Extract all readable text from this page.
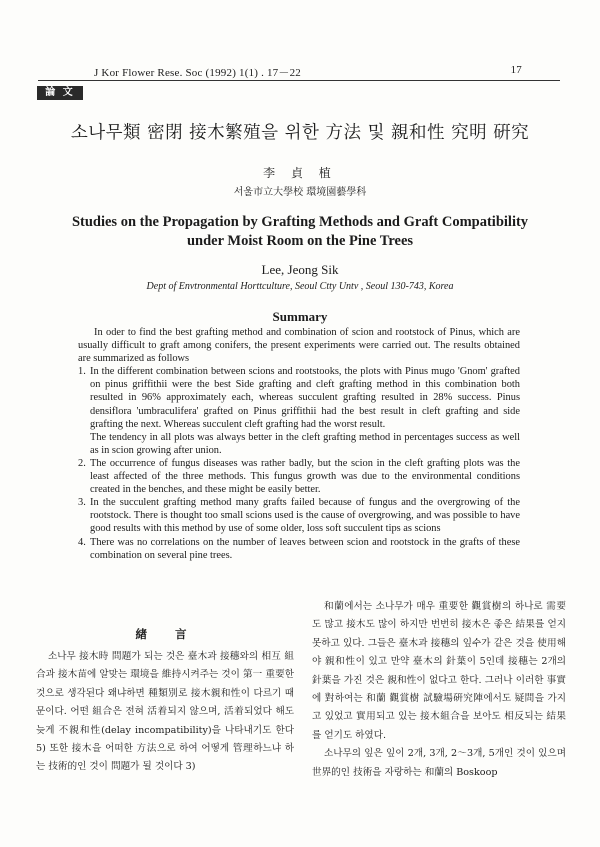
J Kor Flower Rese. Soc (1992) 1(1) . 17－22	17
論 文
소나무類 密閉 接木繁殖을 위한 方法 및 親和性 究明 硏究
李 貞 植
서울市立大學校 環境園藝學科
Studies on the Propagation by Grafting Methods and Graft Compatibility
under Moist Room on the Pine Trees
Lee, Jeong Sik
Dept of Envtronmental Horttculture, Seoul Ctty Untv , Seoul 130-743, Korea
Summary

In oder to find the best grafting method and combination of scion and rootstock of Pinus, which are usually difficult to graft among conifers, the present experiments were carried out. The results obtained are summarized as follows

1. In the different combination between scions and rootstooks, the plots with Pinus mugo 'Gnom' grafted on pinus griffithii were the best Side grafting and cleft grafting method in this combination both resulted in 96% approximately each, whereas succulent grafting resulted in 28% success. Pinus densiflora 'umbraculifera' grafted on Pinus griffithii had the best result in cleft grafting and side grafting the next. Whereas succulent cleft grafting had the worst result.

The tendency in all plots was always better in the cleft grafting method in percentages success as well as in scion growing after union.

2. The occurrence of fungus diseases was rather badly, but the scion in the cleft grafting plots was the least affected of the three methods. This fungus growth was due to the environmental conditions created in the benches, and these might be easily better.

3. In the succulent grafting method many grafts failed because of fungus and the overgrowing of the rootstock. There is thought too small scions used is the cause of overgrowing, and was possible to have good results with this method by use of some older, loss soft succulent tips as scions

4. There was no correlations on the number of leaves between scion and rootstock in the grafts of these combination on several pine trees.

緖 言

소나무 接木時 問題가 되는 것은 臺木과 接穗와의 相互 組合과 接木苗에 알맞는 環境을 維持시켜주는 것이 第一 重要한 것으로 생각된다 왜냐하면 種類別로 接木親和性이 다르기 때문이다. 어떤 組合은 전혀 活着되지 않으며, 活着되었다 해도 늦게 不親和性(delay incompatibility)을 나타내기도 한다 5) 또한 接木을 어떠한 方法으로 하여 어떻게 管理하느냐 하는 技術的인 것이 問題가 될 것이다 3)

和蘭에서는 소나무가 매우 重要한 觀賞樹의 하나로 需要도 많고 接木도 많이 하지만 번번히 接木은 좋은 結果를 얻지 못하고 있다. 그들은 臺木과 接穗의 잎수가 같은 것을 使用해야 親和性이 있고 만약 臺木의 針葉이 5인데 接穗는 2개의 針葉을 가진 것은 親和性이 없다고 한다. 그러나 이러한 事實에 對하여는 和蘭 觀賞樹 試驗場硏究陣에서도 疑問을 가지고 있었고 實用되고 있는 接木組合을 보아도 相反되는 結果를 얻기도 하였다.

소나무의 잎은 잎이 2개, 3개, 2～3개, 5개인 것이 있으며 世界的인 技術을 자랑하는 和蘭의 Boskoop
